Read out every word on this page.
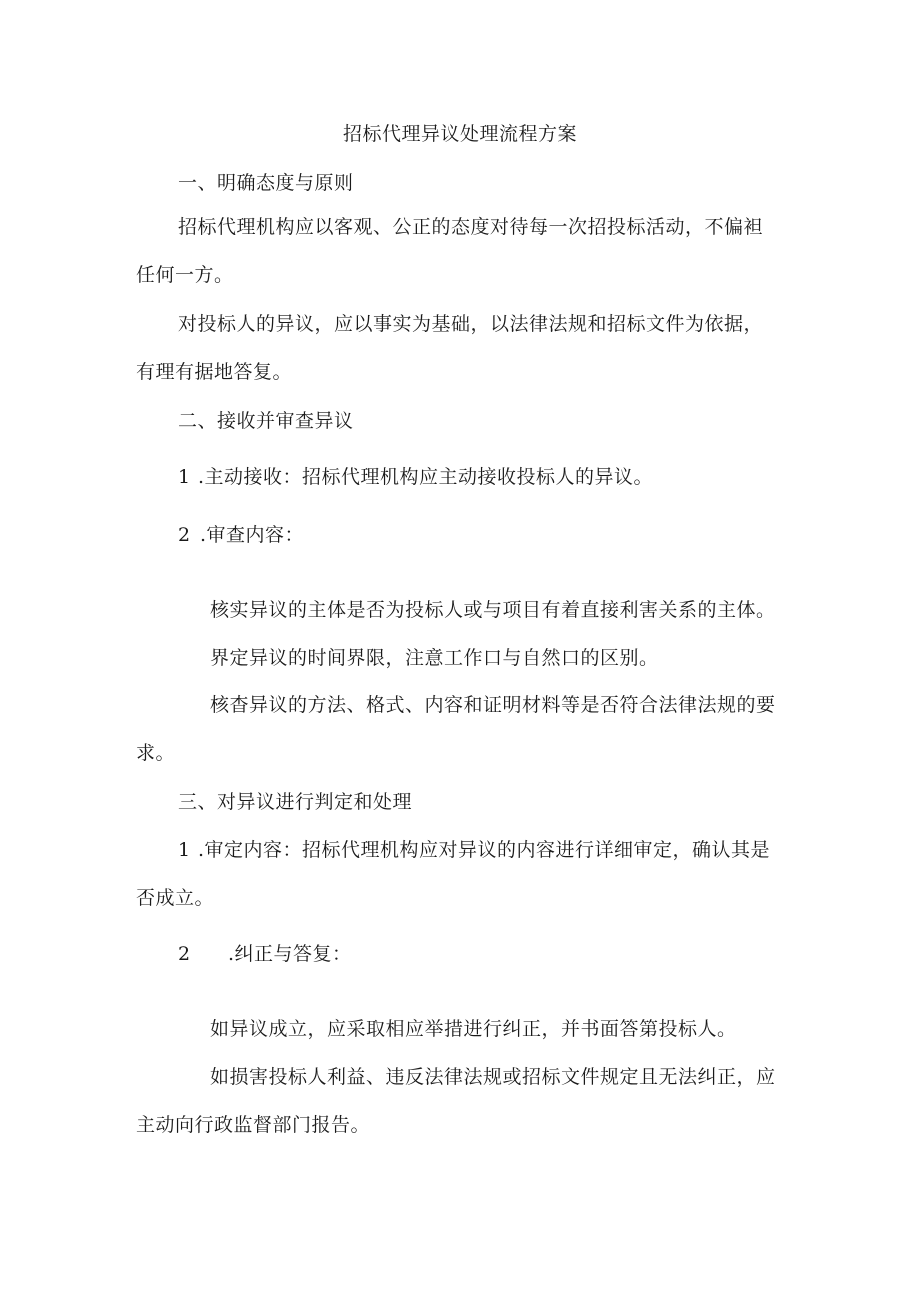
招标代理异议处理流程方案
一、明确态度与原则
招标代理机构应以客观、公正的态度对待每一次招投标活动，不偏袒
任何一方。
对投标人的异议，应以事实为基础，以法律法规和招标文件为依据，
有理有据地答复。
二、接收并审查异议
1 .主动接收：招标代理机构应主动接收投标人的异议。
2 .审查内容：
核实异议的主体是否为投标人或与项目有着直接利害关系的主体。
界定异议的时间界限，注意工作口与自然口的区别。
核杳异议的方法、格式、内容和证明材料等是否符合法律法规的要
求。
三、对异议进行判定和处理
1 .审定内容：招标代理机构应对异议的内容进行详细审定，确认其是
否成立。
2 .纠正与答复：
如异议成立，应采取相应举措进行纠正，并书面答第投标人。
如损害投标人利益、违反法律法规或招标文件规定且无法纠正，应
主动向行政监督部门报告。
